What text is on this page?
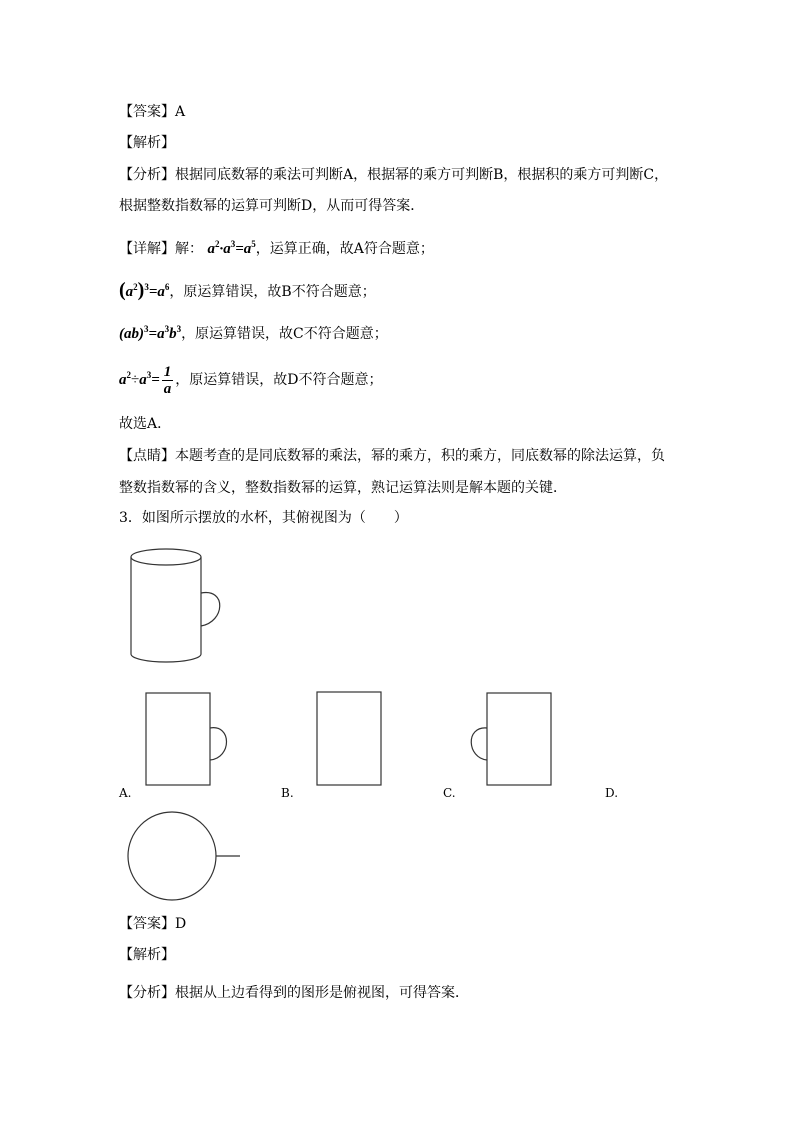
【答案】A
【解析】
【分析】根据同底数幂的乘法可判断A，根据幂的乘方可判断B，根据积的乘方可判断C，
根据整数指数幂的运算可判断D，从而可得答案．
【详解】解： $a^2\cdot a^3=a^5$，运算正确，故A符合题意；
$(a^2)^3=a^6$，原运算错误，故B不符合题意；
$(ab)^3=a^3b^3$，原运算错误，故C不符合题意；
$a^2\div a^3= \frac{1}{a}$ ，原运算错误，故D不符合题意；
故选A．
【点睛】本题考查的是同底数幂的乘法，幂的乘方，积的乘方，同底数幂的除法运算，负
整数指数幂的含义，整数指数幂的运算，熟记运算法则是解本题的关键．
3．如图所示摆放的水杯，其俯视图为（　　）
A.	B.	C.	D.
【答案】D
【解析】
【分析】根据从上边看得到的图形是俯视图，可得答案．
